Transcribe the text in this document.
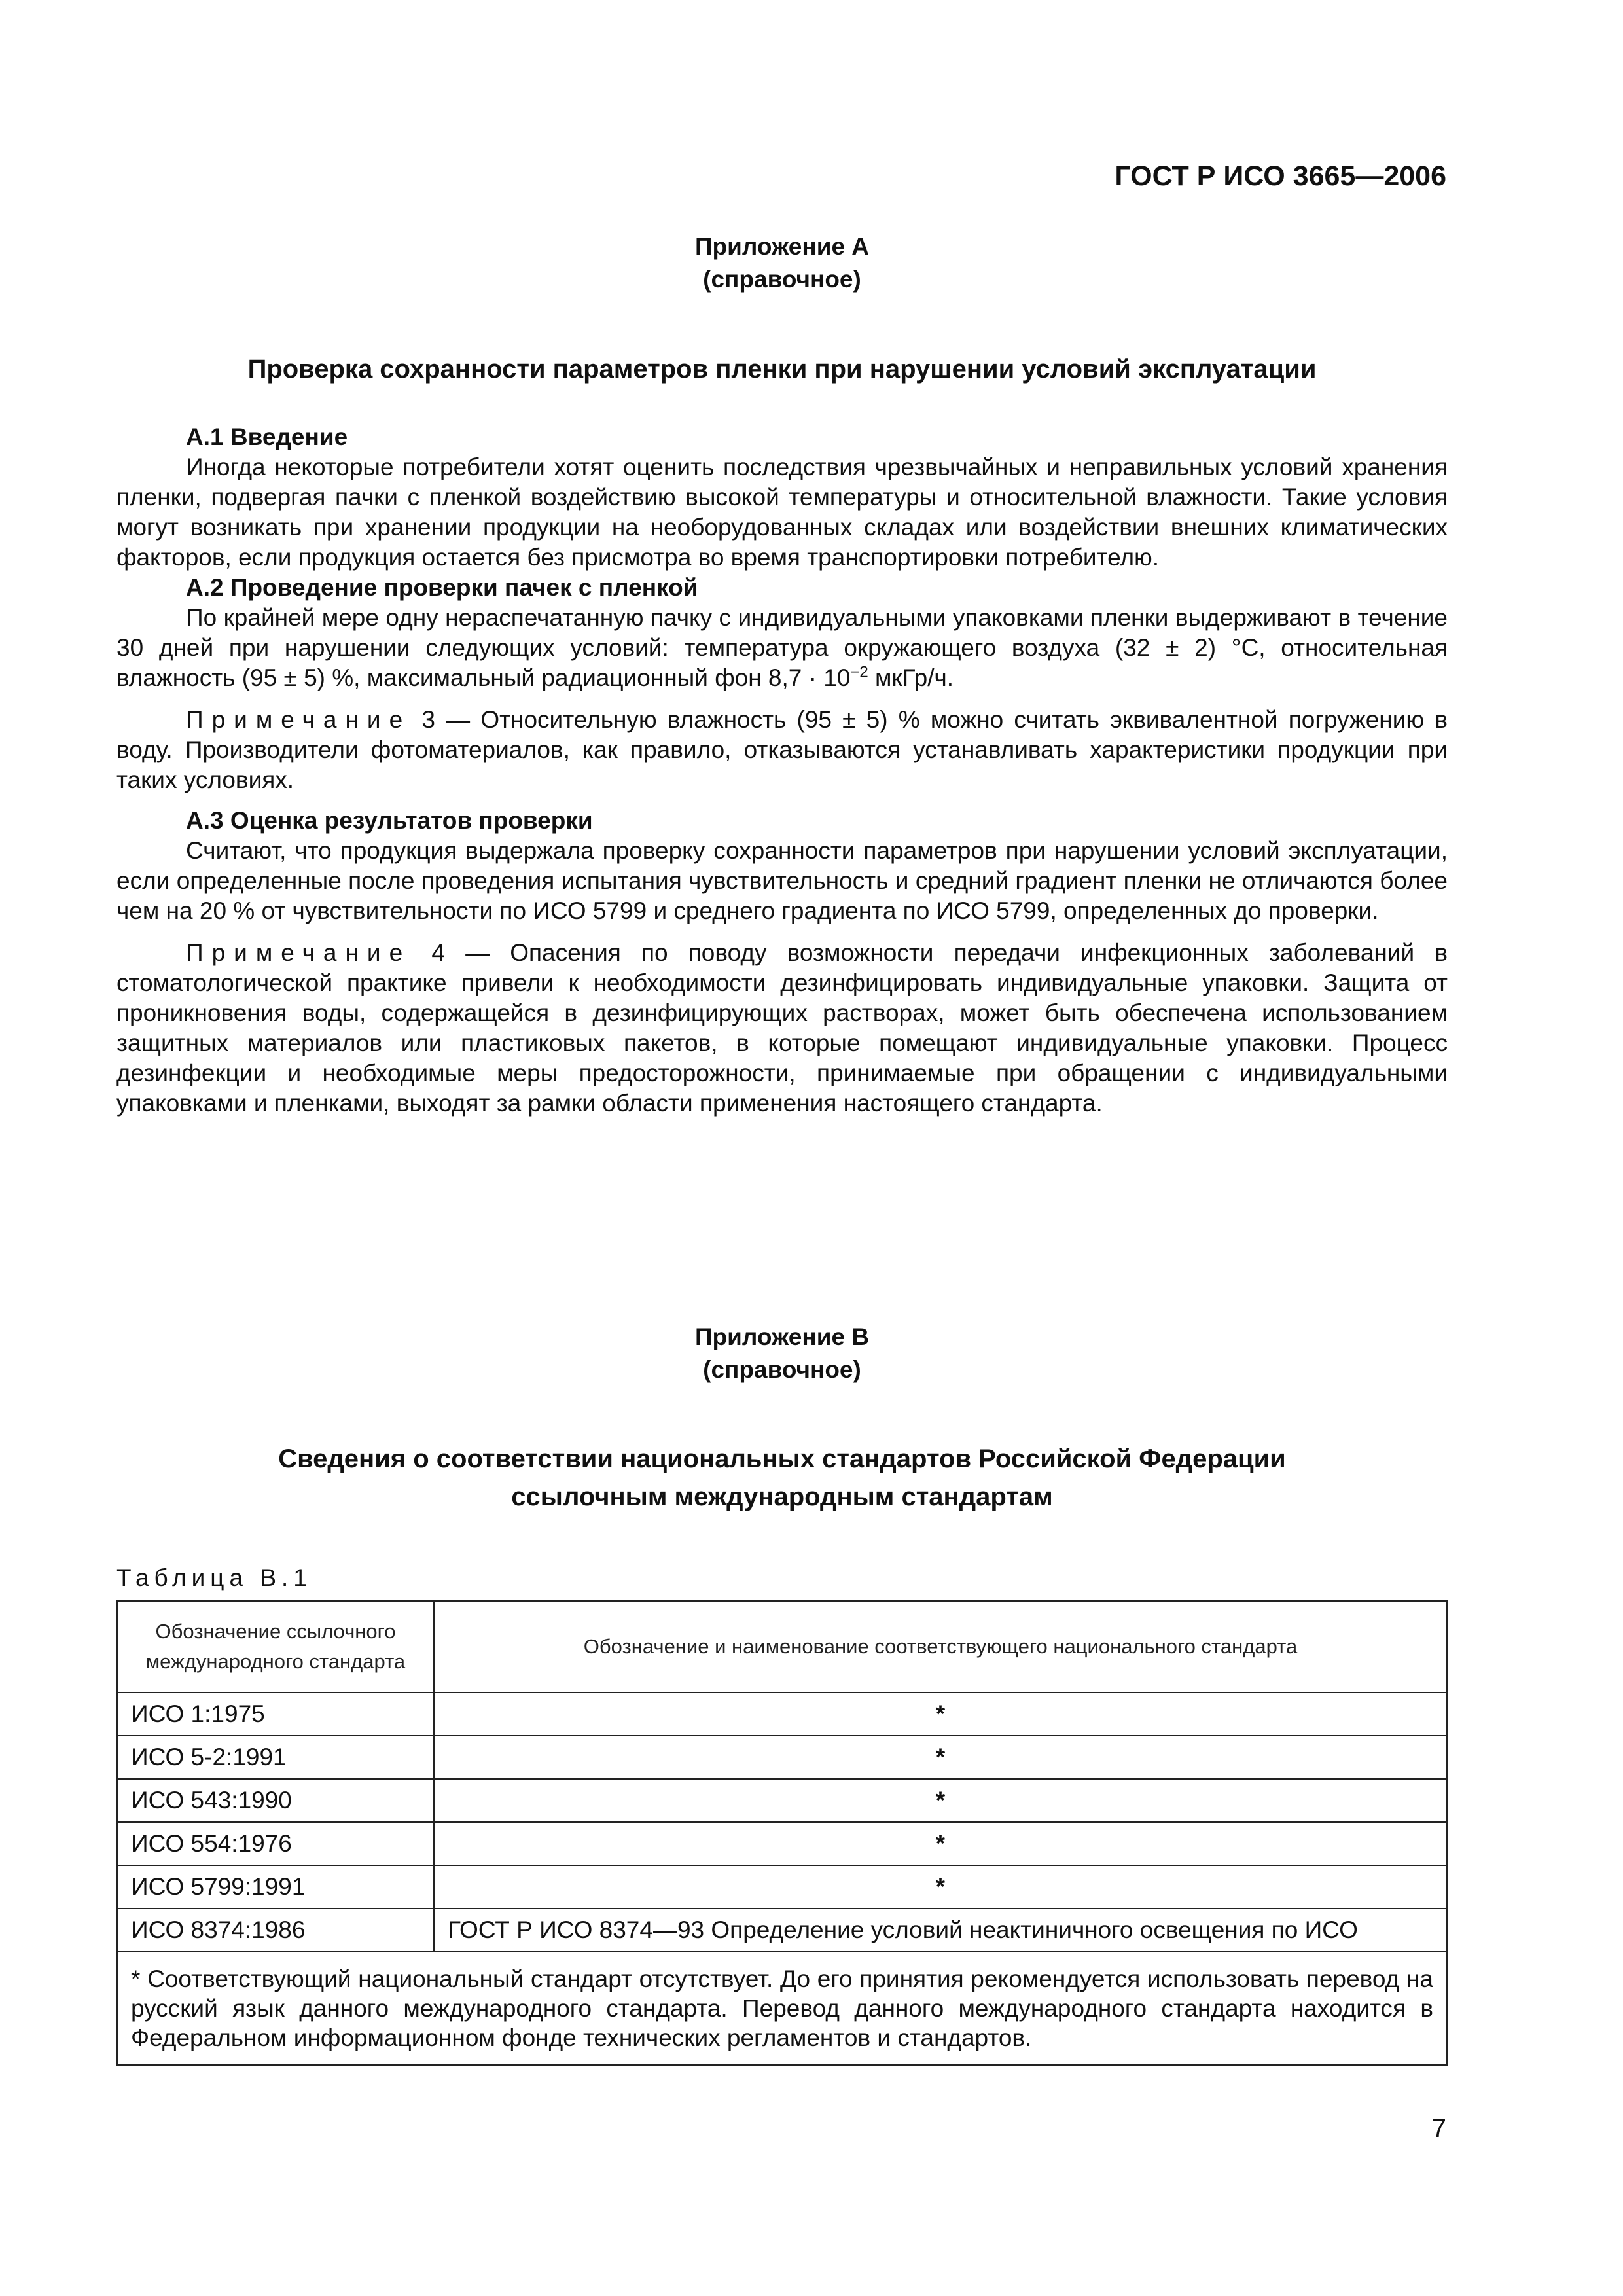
ГОСТ Р ИСО 3665—2006
Приложение А
(справочное)
Проверка сохранности параметров пленки при нарушении условий эксплуатации
А.1 Введение

Иногда некоторые потребители хотят оценить последствия чрезвычайных и неправильных условий хранения пленки, подвергая пачки с пленкой воздействию высокой температуры и относительной влажности. Такие условия могут возникать при хранении продукции на необорудованных складах или воздействии внешних климатических факторов, если продукция остается без присмотра во время транспортировки потребителю.

А.2 Проведение проверки пачек с пленкой

По крайней мере одну нераспечатанную пачку с индивидуальными упаковками пленки выдерживают в течение 30 дней при нарушении следующих условий: температура окружающего воздуха (32 ± 2) °С, относительная влажность (95 ± 5) %, максимальный радиационный фон $8,7 \cdot 10^{-2}$ мкГр/ч.

Примечание 3 — Относительную влажность (95 ± 5) % можно считать эквивалентной погружению в воду. Производители фотоматериалов, как правило, отказываются устанавливать характеристики продукции при таких условиях.

А.3 Оценка результатов проверки

Считают, что продукция выдержала проверку сохранности параметров при нарушении условий эксплуатации, если определенные после проведения испытания чувствительность и средний градиент пленки не отличаются более чем на 20 % от чувствительности по ИСО 5799 и среднего градиента по ИСО 5799, определенных до проверки.

Примечание 4 — Опасения по поводу возможности передачи инфекционных заболеваний в стоматологической практике привели к необходимости дезинфицировать индивидуальные упаковки. Защита от проникновения воды, содержащейся в дезинфицирующих растворах, может быть обеспечена использованием защитных материалов или пластиковых пакетов, в которые помещают индивидуальные упаковки. Процесс дезинфекции и необходимые меры предосторожности, принимаемые при обращении с индивидуальными упаковками и пленками, выходят за рамки области применения настоящего стандарта.

Приложение В
(справочное)
Сведения о соответствии национальных стандартов Российской Федерации
ссылочным международным стандартам
Таблица В.1
Обозначение ссылочного международного стандарта	Обозначение и наименование соответствующего национального стандарта
ИСО 1:1975	*
ИСО 5-2:1991	*
ИСО 543:1990	*
ИСО 554:1976	*
ИСО 5799:1991	*
ИСО 8374:1986	ГОСТ Р ИСО 8374—93 Определение условий неактиничного освещения по ИСО
* Соответствующий национальный стандарт отсутствует. До его принятия рекомендуется использовать перевод на русский язык данного международного стандарта. Перевод данного международного стандарта находится в Федеральном информационном фонде технических регламентов и стандартов.	
7
